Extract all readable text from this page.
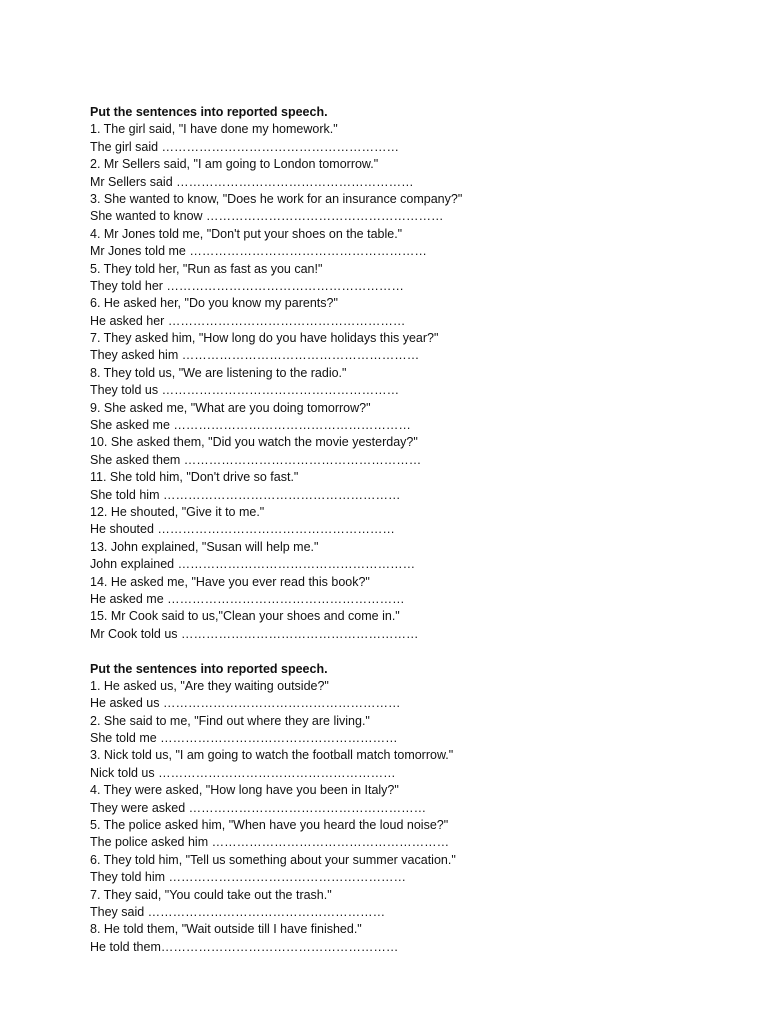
Put the sentences into reported speech.
1. The girl said, "I have done my homework."
The girl said …………………………………………………
2. Mr Sellers said, "I am going to London tomorrow."
Mr Sellers said …………………………………………………
3. She wanted to know, "Does he work for an insurance company?"
She wanted to know …………………………………………………
4. Mr Jones told me, "Don't put your shoes on the table."
Mr Jones told me …………………………………………………
5. They told her, "Run as fast as you can!"
They told her …………………………………………………
6. He asked her, "Do you know my parents?"
He asked her …………………………………………………
7. They asked him, "How long do you have holidays this year?"
They asked him …………………………………………………
8. They told us, "We are listening to the radio."
They told us …………………………………………………
9. She asked me, "What are you doing tomorrow?"
She asked me …………………………………………………
10. She asked them, "Did you watch the movie yesterday?"
She asked them …………………………………………………
11. She told him, "Don't drive so fast."
She told him …………………………………………………
12. He shouted, "Give it to me."
He shouted …………………………………………………
13. John explained, "Susan will help me."
John explained …………………………………………………
14. He asked me, "Have you ever read this book?"
He asked me …………………………………………………
15. Mr Cook said to us,"Clean your shoes and come in."
Mr Cook told us …………………………………………………
Put the sentences into reported speech.
1. He asked us, "Are they waiting outside?"
He asked us …………………………………………………
2. She said to me, "Find out where they are living."
She told me …………………………………………………
3. Nick told us, "I am going to watch the football match tomorrow."
Nick told us …………………………………………………
4. They were asked, "How long have you been in Italy?"
They were asked …………………………………………………
5. The police asked him, "When have you heard the loud noise?"
The police asked him …………………………………………………
6. They told him, "Tell us something about your summer vacation."
They told him …………………………………………………
7. They said, "You could take out the trash."
They said …………………………………………………
8. He told them, "Wait outside till I have finished."
He told them…………………………………………………
